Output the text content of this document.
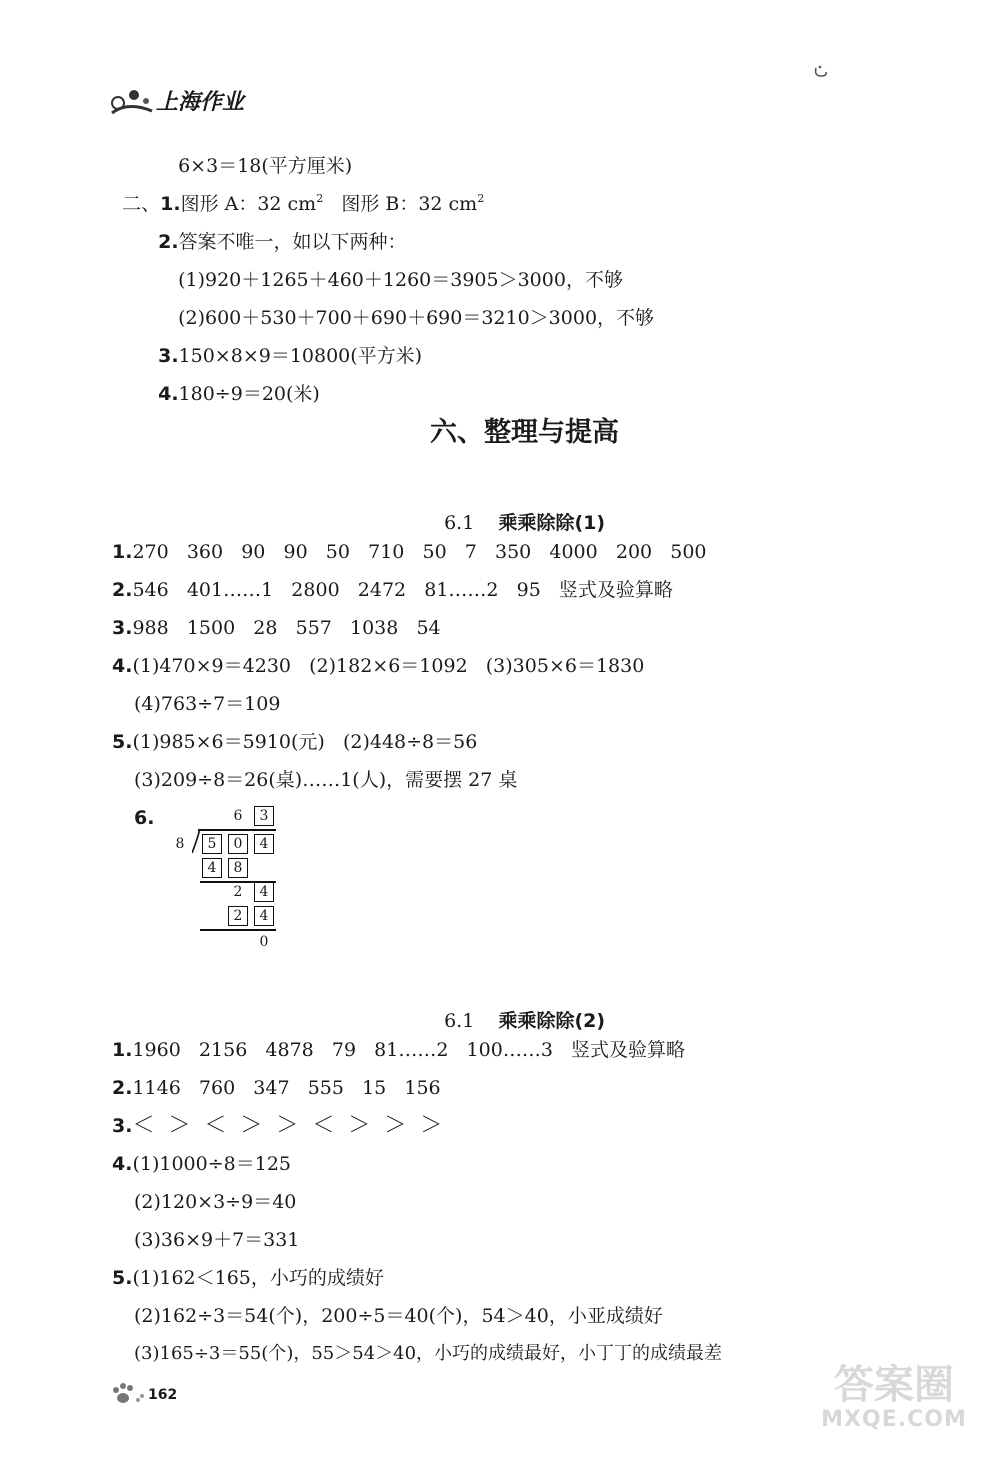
上海作业

6×3＝18(平方厘米)

二、1.图形 A：32 $cm^2$   图形 B：32 $cm^2$

2.答案不唯一，如以下两种：

(1)920＋1265＋460＋1260＝3905＞3000，不够

(2)600＋530＋700＋690＋690＝3210＞3000，不够

3.150×8×9＝10800(平方米)

4.180÷9＝20(米)

六、整理与提高

6.1 乘乘除除(1)

1.270   360   90   90   50   710   50   7   350   4000   200   500
2.546   401……1   2800   2472   81……2   95   竖式及验算略
3.988   1500   28   557   1038   54
4.(1)470×9＝4230   (2)182×6＝1092   (3)305×6＝1830
(4)763÷7＝109
5.(1)985×6＝5910(元)   (2)448÷8＝56
(3)209÷8＝26(桌)……1(人)，需要摆 27 桌
6.	6	3
8	5	0	4
4	8
2	4
2	4
0

6.1 乘乘除除(2)

1.1960   2156   4878   79   81……2   100……3   竖式及验算略
2.1146   760   347   555   15   156
3.＜  ＞  ＜  ＞  ＞  ＜  ＞  ＞  ＞
4.(1)1000÷8＝125
(2)120×3÷9＝40
(3)36×9＋7＝331
5.(1)162＜165，小巧的成绩好
(2)162÷3＝54(个)，200÷5＝40(个)，54＞40，小亚成绩好
(3)165÷3＝55(个)，55＞54＞40，小巧的成绩最好，小丁丁的成绩最差
162	答案圈
MXQE.COM
